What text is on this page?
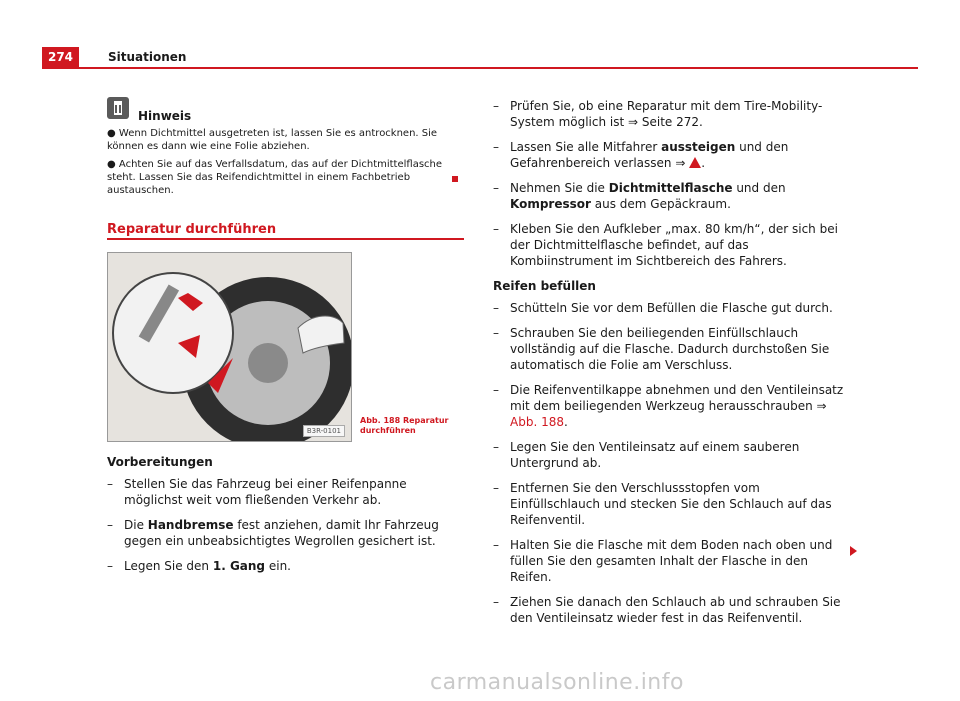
274	Situationen
Hinweis

● Wenn Dichtmittel ausgetreten ist, lassen Sie es antrocknen. Sie können es dann wie eine Folie abziehen.

● Achten Sie auf das Verfallsdatum, das auf der Dichtmittelflasche steht. Lassen Sie das Reifendichtmittel in einem Fachbetrieb austauschen.

Reparatur durchführen
B3R-0101
Abb. 188 Reparatur durchführen
Vorbereitungen
– Stellen Sie das Fahrzeug bei einer Reifenpanne möglichst weit vom fließenden Verkehr ab.
– Die Handbremse fest anziehen, damit Ihr Fahrzeug gegen ein unbeabsichtigtes Wegrollen gesichert ist.
– Legen Sie den 1. Gang ein.
– Prüfen Sie, ob eine Reparatur mit dem Tire-Mobility-System möglich ist ⇒ Seite 272.
– Lassen Sie alle Mitfahrer aussteigen und den Gefahrenbereich verlassen ⇒ .
– Nehmen Sie die Dichtmittelflasche und den Kompressor aus dem Gepäckraum.
– Kleben Sie den Aufkleber „max. 80 km/h“, der sich bei der Dichtmittelflasche befindet, auf das Kombiinstrument im Sichtbereich des Fahrers.
Reifen befüllen
– Schütteln Sie vor dem Befüllen die Flasche gut durch.
– Schrauben Sie den beiliegenden Einfüllschlauch vollständig auf die Flasche. Dadurch durchstoßen Sie automatisch die Folie am Verschluss.
– Die Reifenventilkappe abnehmen und den Ventileinsatz mit dem beiliegenden Werkzeug herausschrauben ⇒ Abb. 188.
– Legen Sie den Ventileinsatz auf einem sauberen Untergrund ab.
– Entfernen Sie den Verschlussstopfen vom Einfüllschlauch und stecken Sie den Schlauch auf das Reifenventil.
– Halten Sie die Flasche mit dem Boden nach oben und füllen Sie den gesamten Inhalt der Flasche in den Reifen.
– Ziehen Sie danach den Schlauch ab und schrauben Sie den Ventileinsatz wieder fest in das Reifenventil.
carmanualsonline.info
